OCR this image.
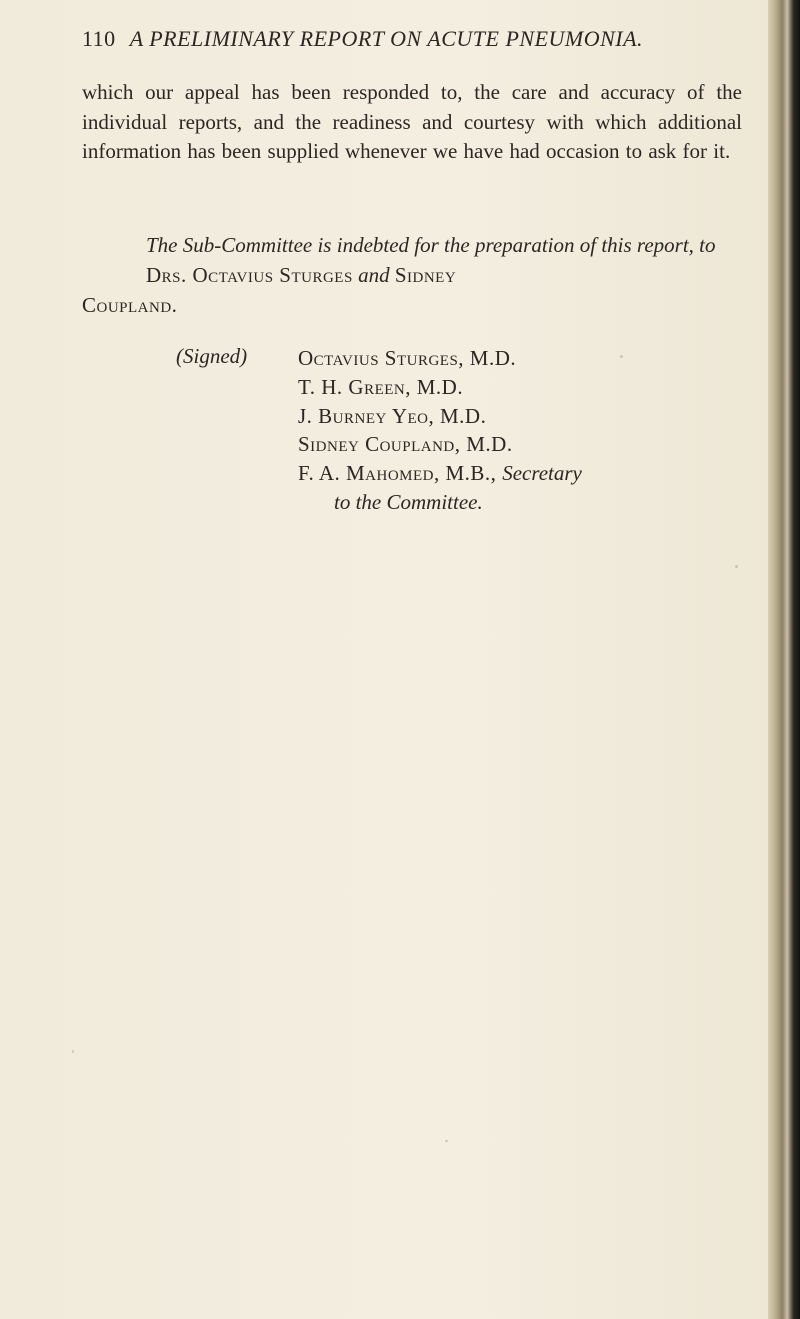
110 A PRELIMINARY REPORT ON ACUTE PNEUMONIA.

which our appeal has been responded to, the care and accuracy of the individual reports, and the readiness and courtesy with which additional information has been supplied whenever we have had occasion to ask for it.

The Sub-Committee is indebted for the preparation of this report, to Drs. Octavius Sturges and Sidney
Coupland.

(Signed) Octavius Sturges, M.D.
T. H. Green, M.D.
J. Burney Yeo, M.D.
Sidney Coupland, M.D.
F. A. Mahomed, M.B., Secretary
to the Committee.
